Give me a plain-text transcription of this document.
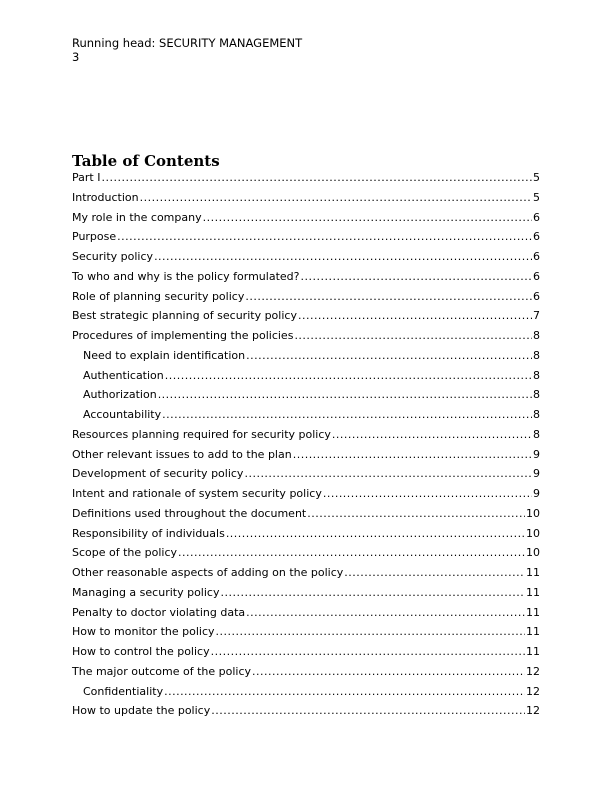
Running head: SECURITY MANAGEMENT
3
Table of Contents
Part I .....	5
Introduction .....	5
My role in the company .....	6
Purpose .....	6
Security policy .....	6
To who and why is the policy formulated? .....	6
Role of planning security policy .....	6
Best strategic planning of security policy .....	7
Procedures of implementing the policies .....	8
Need to explain identification .....	8
Authentication .....	8
Authorization .....	8
Accountability .....	8
Resources planning required for security policy .....	8
Other relevant issues to add to the plan .....	9
Development of security policy .....	9
Intent and rationale of system security policy .....	9
Definitions used throughout the document .....	10
Responsibility of individuals .....	10
Scope of the policy .....	10
Other reasonable aspects of adding on the policy .....	11
Managing a security policy .....	11
Penalty to doctor violating data .....	11
How to monitor the policy .....	11
How to control the policy .....	11
The major outcome of the policy .....	12
Confidentiality .....	12
How to update the policy .....	12
